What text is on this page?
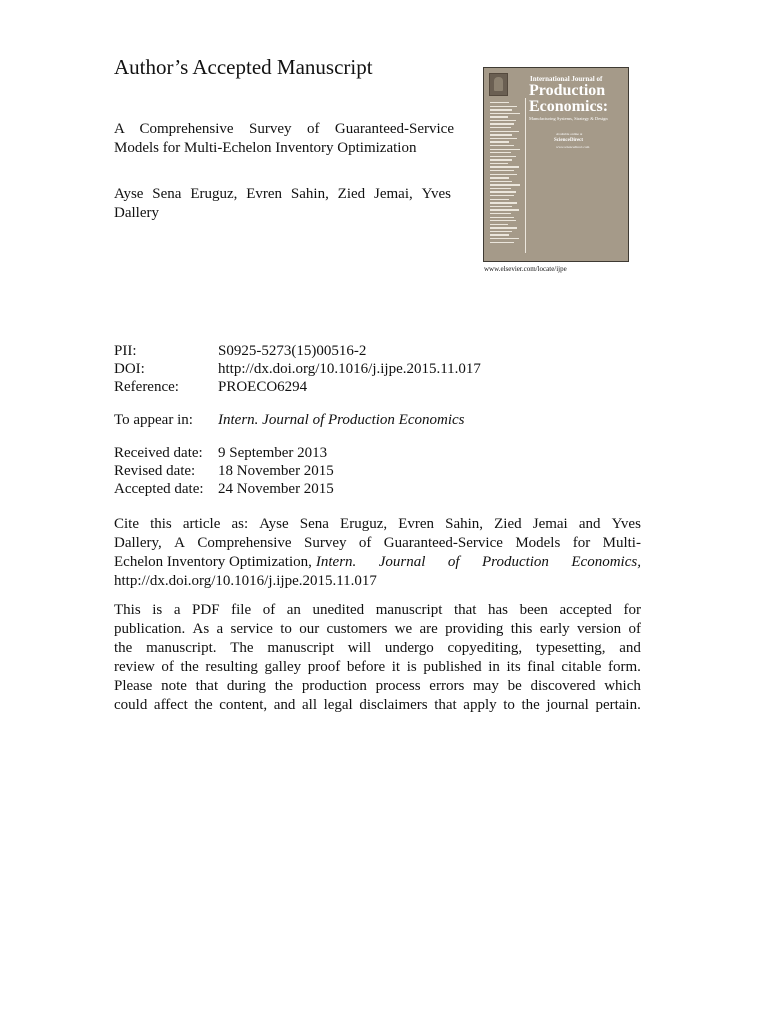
Author’s Accepted Manuscript
A Comprehensive Survey of Guaranteed-Service Models for Multi-Echelon Inventory Optimization
Ayse Sena Eruguz, Evren Sahin, Zied Jemai, Yves
Dallery
International Journal of
Production
Economics:
Manufacturing Systems, Strategy & Design
Available online at
ScienceDirect
www.sciencedirect.com
www.elsevier.com/locate/ijpe
PII:	S0925-5273(15)00516-2
DOI:	http://dx.doi.org/10.1016/j.ijpe.2015.11.017
Reference:	PROECO6294
To appear in: Intern. Journal of Production Economics
Received date: 9 September 2013
Revised date: 18 November 2015
Accepted date: 24 November 2015
Cite this article as: Ayse Sena Eruguz, Evren Sahin, Zied Jemai and Yves
Dallery, A Comprehensive Survey of Guaranteed-Service Models for Multi-
Echelon Inventory Optimization, Intern. Journal of Production Economics,
http://dx.doi.org/10.1016/j.ijpe.2015.11.017
This is a PDF file of an unedited manuscript that has been accepted for
publication. As a service to our customers we are providing this early version of
the manuscript. The manuscript will undergo copyediting, typesetting, and
review of the resulting galley proof before it is published in its final citable form.
Please note that during the production process errors may be discovered which
could affect the content, and all legal disclaimers that apply to the journal pertain.
